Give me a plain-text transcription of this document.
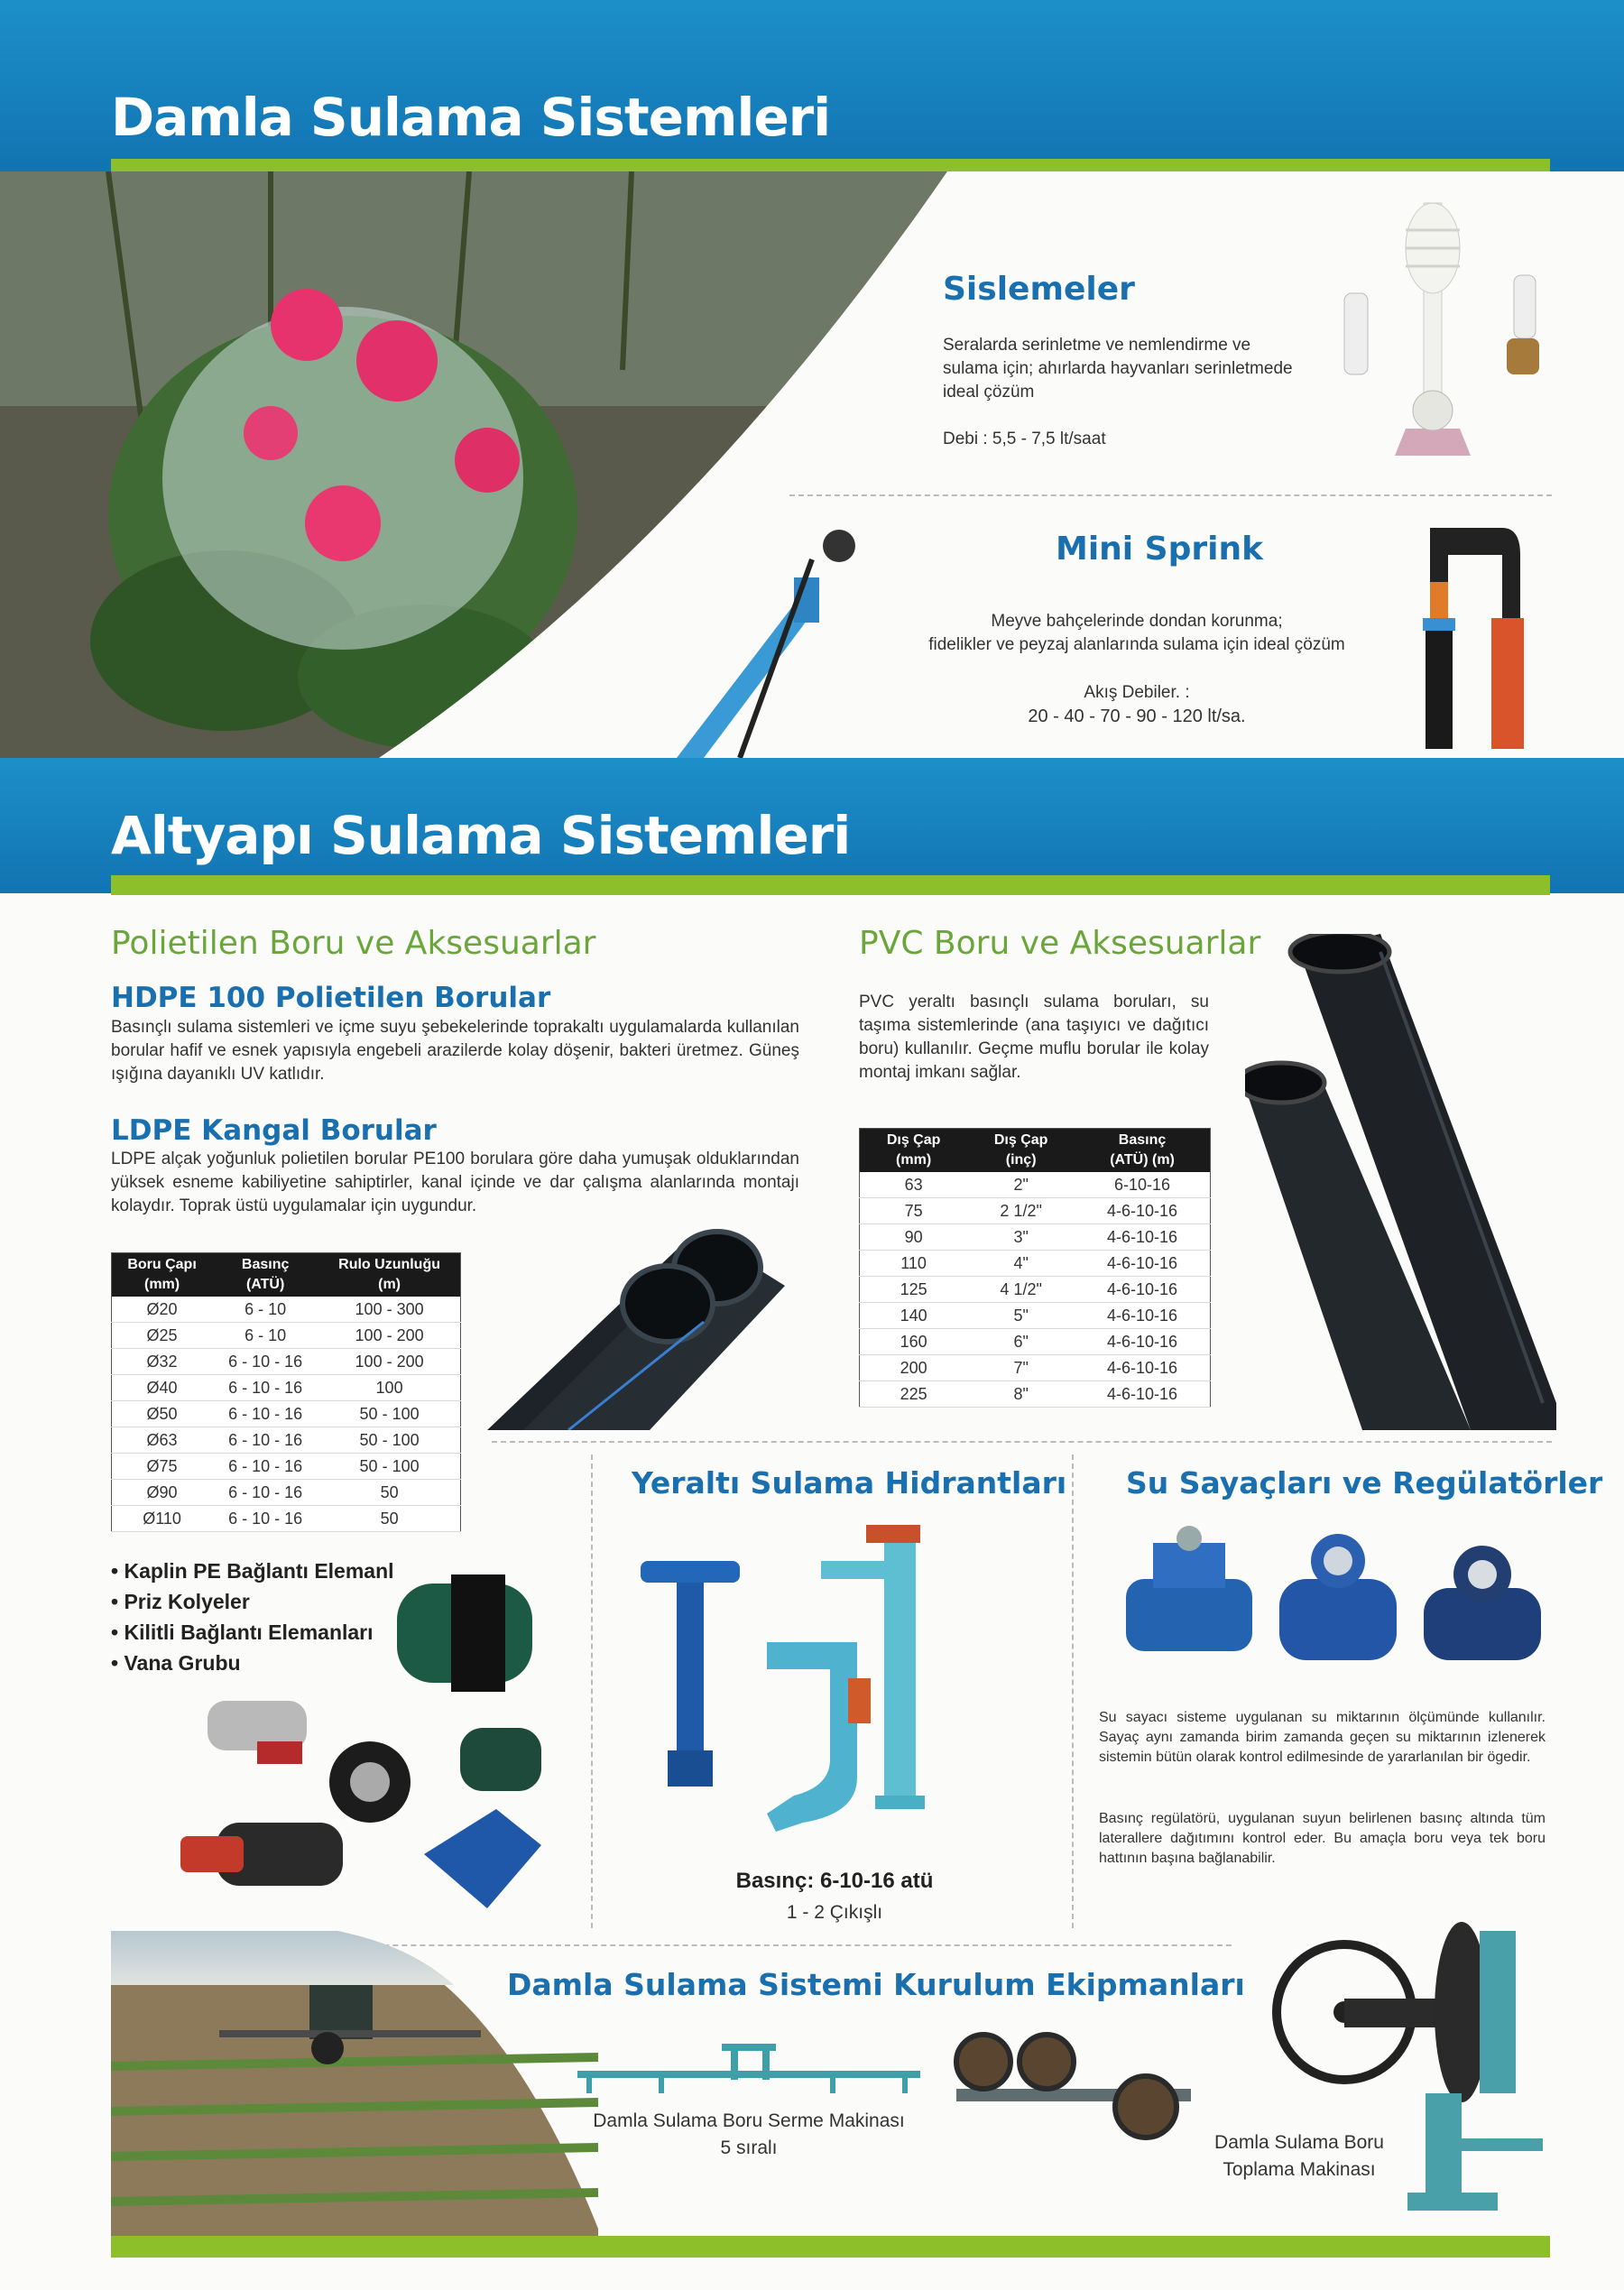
Damla Sulama Sistemleri
Sislemeler

Seralarda serinletme ve nemlendirme ve sulama için; ahırlarda hayvanları serinletmede ideal çözüm

Debi : 5,5 - 7,5 lt/saat

Mini Sprink

Meyve bahçelerinde dondan korunma;

fidelikler ve peyzaj alanlarında sulama için ideal çözüm

Akış Debiler. :

20 - 40 - 70 - 90 - 120 lt/sa.

Altyapı Sulama Sistemleri
Polietilen Boru ve Aksesuarlar
HDPE 100 Polietilen Borular

Basınçlı sulama sistemleri ve içme suyu şebekelerinde toprakaltı uygulamalarda kullanılan borular hafif ve esnek yapısıyla engebeli arazilerde kolay döşenir, bakteri üretmez. Güneş ışığına dayanıklı UV katlıdır.

LDPE Kangal Borular

LDPE alçak yoğunluk polietilen borular PE100 borulara göre daha yumuşak olduklarından yüksek esneme kabiliyetine sahiptirler, kanal içinde ve dar çalışma alanlarında montajı kolaydır. Toprak üstü uygulamalar için uygundur.

Boru Çapı
(mm)	Basınç
(ATÜ)	Rulo Uzunluğu
(m)
Ø20	6 - 10	100 - 300
Ø25	6 - 10	100 - 200
Ø32	6 - 10 - 16	100 - 200
Ø40	6 - 10 - 16	100
Ø50	6 - 10 - 16	50 - 100
Ø63	6 - 10 - 16	50 - 100
Ø75	6 - 10 - 16	50 - 100
Ø90	6 - 10 - 16	50
Ø110	6 - 10 - 16	50
• Kaplin PE Bağlantı Elemanl
• Priz Kolyeler
• Kilitli Bağlantı Elemanları
• Vana Grubu
PVC Boru ve Aksesuarlar

PVC yeraltı basınçlı sulama boruları, su taşıma sistemlerinde (ana taşıyıcı ve dağıtıcı boru) kullanılır. Geçme muflu borular ile kolay montaj imkanı sağlar.

Dış Çap
(mm)	Dış Çap
(inç)	Basınç
(ATÜ) (m)
63	2"	6-10-16
75	2 1/2"	4-6-10-16
90	3"	4-6-10-16
110	4"	4-6-10-16
125	4 1/2"	4-6-10-16
140	5"	4-6-10-16
160	6"	4-6-10-16
200	7"	4-6-10-16
225	8"	4-6-10-16
Yeraltı Sulama Hidrantları

Basınç: 6-10-16 atü

1 - 2 Çıkışlı

Su Sayaçları ve Regülatörler

Su sayacı sisteme uygulanan su miktarının ölçümünde kullanılır. Sayaç aynı zamanda birim zamanda geçen su miktarının izlenerek sistemin bütün olarak kontrol edilmesinde de yararlanılan bir ögedir.

Basınç regülatörü, uygulanan suyun belirlenen basınç altında tüm laterallere dağıtımını kontrol eder. Bu amaçla boru veya tek boru hattının başına bağlanabilir.

Damla Sulama Sistemi Kurulum Ekipmanları

Damla Sulama Boru Serme Makinası

5 sıralı	Damla Sulama Boru

Toplama Makinası
